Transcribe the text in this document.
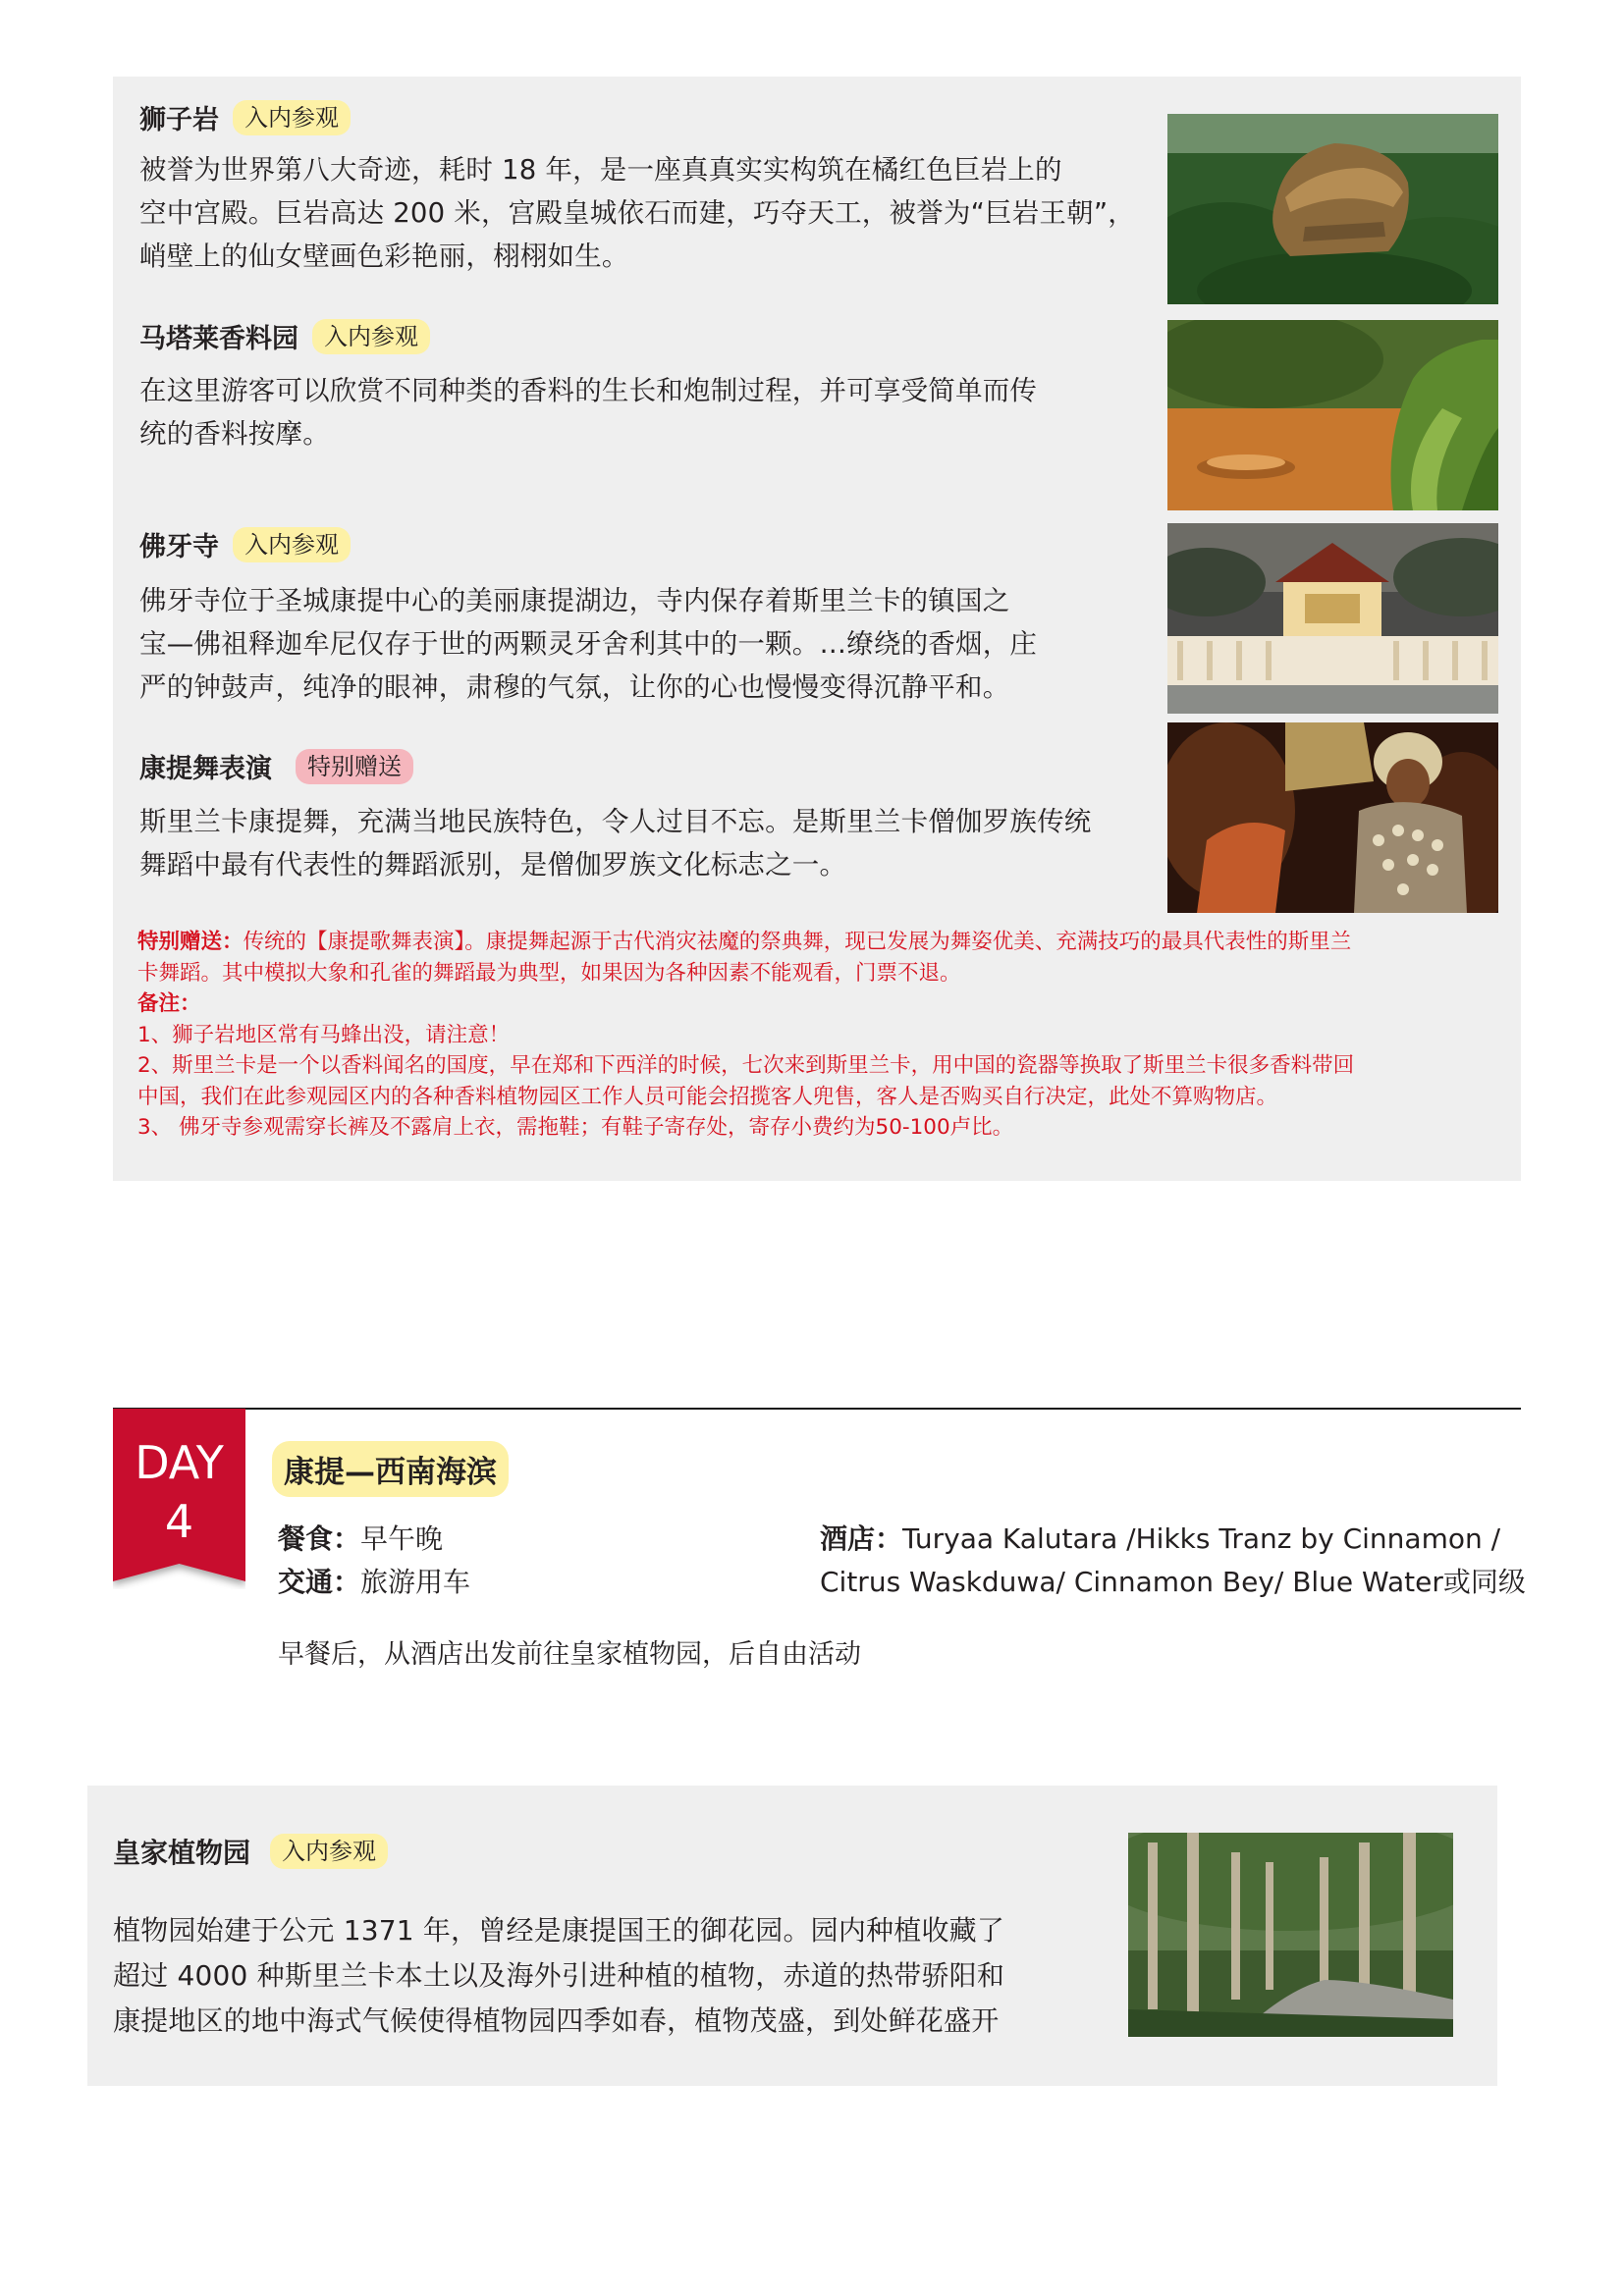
狮子岩	入内参观
被誉为世界第八大奇迹，耗时 18 年，是一座真真实实构筑在橘红色巨岩上的
空中宫殿。巨岩高达 200 米，宫殿皇城依石而建，巧夺天工，被誉为“巨岩王朝”，
峭壁上的仙女壁画色彩艳丽，栩栩如生。
马塔莱香料园	入内参观
在这里游客可以欣赏不同种类的香料的生长和炮制过程，并可享受简单而传
统的香料按摩。
佛牙寺	入内参观
佛牙寺位于圣城康提中心的美丽康提湖边，寺内保存着斯里兰卡的镇国之
宝—佛祖释迦牟尼仅存于世的两颗灵牙舍利其中的一颗。…缭绕的香烟，庄
严的钟鼓声，纯净的眼神，肃穆的气氛，让你的心也慢慢变得沉静平和。
康提舞表演	特别赠送
斯里兰卡康提舞，充满当地民族特色，令人过目不忘。是斯里兰卡僧伽罗族传统
舞蹈中最有代表性的舞蹈派别，是僧伽罗族文化标志之一。
特别赠送：传统的【康提歌舞表演】。康提舞起源于古代消灾祛魔的祭典舞，现已发展为舞姿优美、充满技巧的最具代表性的斯里兰
卡舞蹈。其中模拟大象和孔雀的舞蹈最为典型，如果因为各种因素不能观看，门票不退。
备注：
1、狮子岩地区常有马蜂出没，请注意！
2、斯里兰卡是一个以香料闻名的国度，早在郑和下西洋的时候，七次来到斯里兰卡，用中国的瓷器等换取了斯里兰卡很多香料带回
中国，我们在此参观园区内的各种香料植物园区工作人员可能会招揽客人兜售，客人是否购买自行决定，此处不算购物店。
3、 佛牙寺参观需穿长裤及不露肩上衣，需拖鞋；有鞋子寄存处，寄存小费约为50-100卢比。
DAY
4
康提—西南海滨
餐食：早午晚
交通：旅游用车
酒店：Turyaa Kalutara /Hikks Tranz by Cinnamon /
Citrus Waskduwa/ Cinnamon Bey/ Blue Water或同级
早餐后，从酒店出发前往皇家植物园，后自由活动
皇家植物园	入内参观
植物园始建于公元 1371 年，曾经是康提国王的御花园。园内种植收藏了
超过 4000 种斯里兰卡本土以及海外引进种植的植物，赤道的热带骄阳和
康提地区的地中海式气候使得植物园四季如春，植物茂盛，到处鲜花盛开
